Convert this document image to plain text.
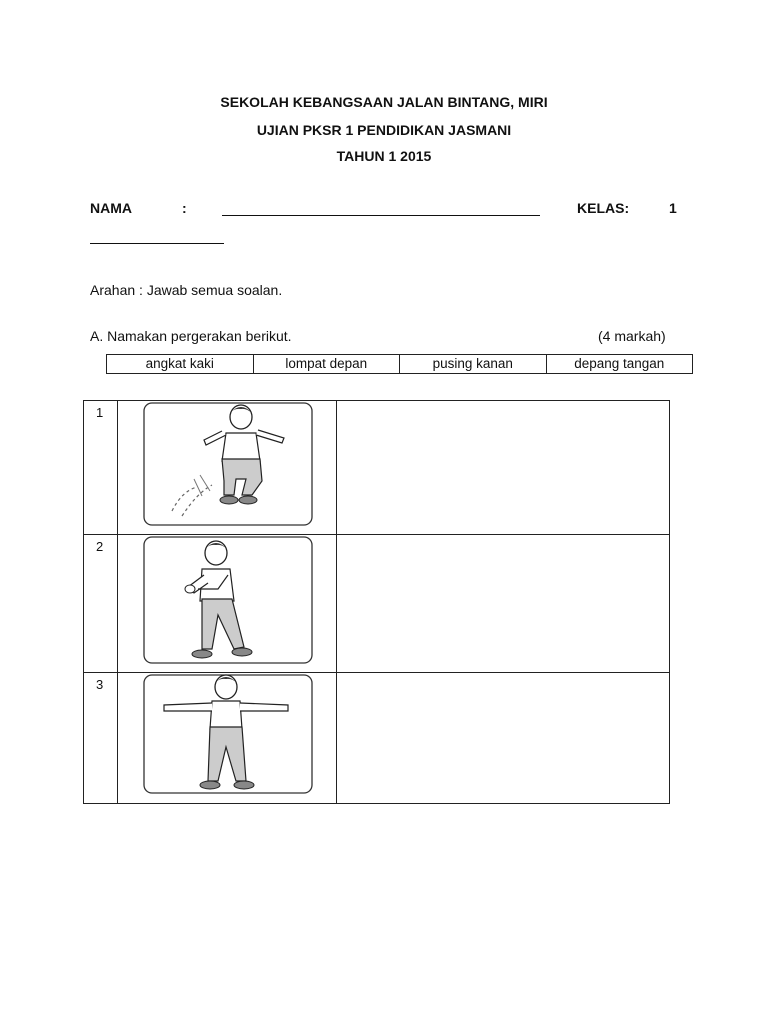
SEKOLAH KEBANGSAAN JALAN BINTANG, MIRI
UJIAN PKSR 1 PENDIDIKAN JASMANI
TAHUN 1 2015
NAMA	:	KELAS:	1
Arahan : Jawab semua soalan.
A. Namakan pergerakan berikut.	(4 markah)
angkat kaki	lompat depan	pusing kanan	depang tangan
1
2
3
